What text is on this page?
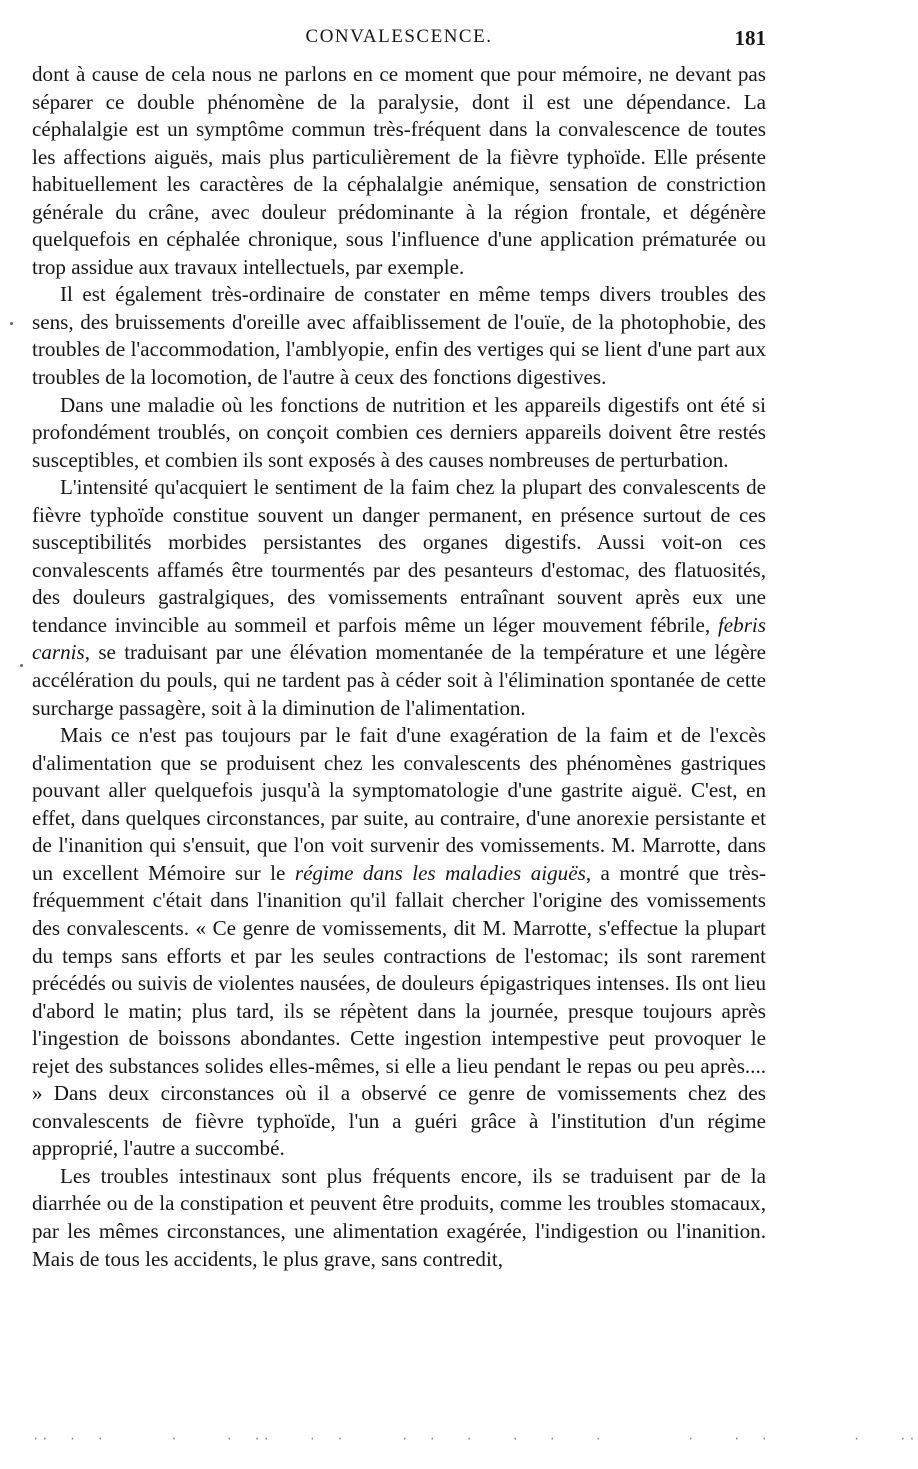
CONVALESCENCE.	181

dont à cause de cela nous ne parlons en ce moment que pour mémoire, ne devant pas séparer ce double phénomène de la paralysie, dont il est une dépendance. La céphalalgie est un symptôme commun très-fréquent dans la convalescence de toutes les affections aiguës, mais plus particulièrement de la fièvre typhoïde. Elle présente habituellement les caractères de la céphalalgie anémique, sensation de constriction générale du crâne, avec douleur prédominante à la région frontale, et dégénère quelquefois en céphalée chronique, sous l'influence d'une application prématurée ou trop assidue aux travaux intellectuels, par exemple.

Il est également très-ordinaire de constater en même temps divers troubles des sens, des bruissements d'oreille avec affaiblissement de l'ouïe, de la photophobie, des troubles de l'accommodation, l'amblyopie, enfin des vertiges qui se lient d'une part aux troubles de la locomotion, de l'autre à ceux des fonctions digestives.

Dans une maladie où les fonctions de nutrition et les appareils digestifs ont été si profondément troublés, on conçoit combien ces derniers appareils doivent être restés susceptibles, et combien ils sont exposés à des causes nombreuses de perturbation.

L'intensité qu'acquiert le sentiment de la faim chez la plupart des convalescents de fièvre typhoïde constitue souvent un danger permanent, en présence surtout de ces susceptibilités morbides persistantes des organes digestifs. Aussi voit-on ces convalescents affamés être tourmentés par des pesanteurs d'estomac, des flatuosités, des douleurs gastralgiques, des vomissements entraînant souvent après eux une tendance invincible au sommeil et parfois même un léger mouvement fébrile, febris carnis, se traduisant par une élévation momentanée de la température et une légère accélération du pouls, qui ne tardent pas à céder soit à l'élimination spontanée de cette surcharge passagère, soit à la diminution de l'alimentation.

Mais ce n'est pas toujours par le fait d'une exagération de la faim et de l'excès d'alimentation que se produisent chez les convalescents des phénomènes gastriques pouvant aller quelquefois jusqu'à la symptomatologie d'une gastrite aiguë. C'est, en effet, dans quelques circonstances, par suite, au contraire, d'une anorexie persistante et de l'inanition qui s'ensuit, que l'on voit survenir des vomissements. M. Marrotte, dans un excellent Mémoire sur le régime dans les maladies aiguës, a montré que très-fréquemment c'était dans l'inanition qu'il fallait chercher l'origine des vomissements des convalescents. « Ce genre de vomissements, dit M. Marrotte, s'effectue la plupart du temps sans efforts et par les seules contractions de l'estomac; ils sont rarement précédés ou suivis de violentes nausées, de douleurs épigastriques intenses. Ils ont lieu d'abord le matin; plus tard, ils se répètent dans la journée, presque toujours après l'ingestion de boissons abondantes. Cette ingestion intempestive peut provoquer le rejet des substances solides elles-mêmes, si elle a lieu pendant le repas ou peu après.... » Dans deux circonstances où il a observé ce genre de vomissements chez des convalescents de fièvre typhoïde, l'un a guéri grâce à l'institution d'un régime approprié, l'autre a succombé.

Les troubles intestinaux sont plus fréquents encore, ils se traduisent par de la diarrhée ou de la constipation et peuvent être produits, comme les troubles stomacaux, par les mêmes circonstances, une alimentation exagérée, l'indigestion ou l'inanition. Mais de tous les accidents, le plus grave, sans contredit,

··  ·  ·       ·     ·  ··    ·  ·      ·  ·   ·    ·   ·    ·         ·    ·  ·         ·    ··
